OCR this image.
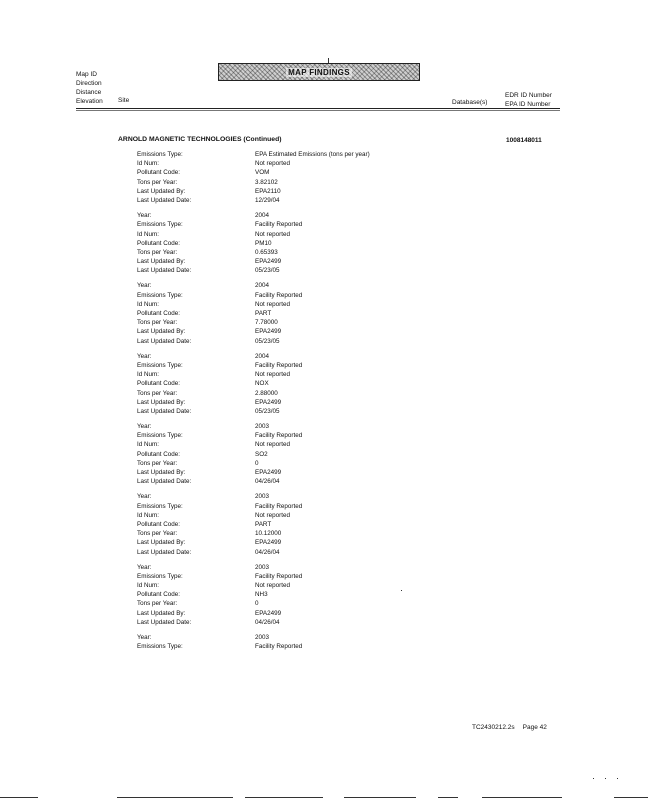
Map ID
Direction
Distance
Elevation Site
MAP FINDINGS
Database(s)
EDR ID Number
EPA ID Number
ARNOLD MAGNETIC TECHNOLOGIES (Continued)	1008148011
Emissions Type:	EPA Estimated Emissions (tons per year)
Id Num:	Not reported
Pollutant Code:	VOM
Tons per Year:	3.82102
Last Updated By:	EPA2110
Last Updated Date:	12/29/04
Year:	2004
Emissions Type:	Facility Reported
Id Num:	Not reported
Pollutant Code:	PM10
Tons per Year:	0.65393
Last Updated By:	EPA2499
Last Updated Date:	05/23/05
Year:	2004
Emissions Type:	Facility Reported
Id Num:	Not reported
Pollutant Code:	PART
Tons per Year:	7.78000
Last Updated By:	EPA2499
Last Updated Date:	05/23/05
Year:	2004
Emissions Type:	Facility Reported
Id Num:	Not reported
Pollutant Code:	NOX
Tons per Year:	2.88000
Last Updated By:	EPA2499
Last Updated Date:	05/23/05
Year:	2003
Emissions Type:	Facility Reported
Id Num:	Not reported
Pollutant Code:	SO2
Tons per Year:	0
Last Updated By:	EPA2499
Last Updated Date:	04/26/04
Year:	2003
Emissions Type:	Facility Reported
Id Num:	Not reported
Pollutant Code:	PART
Tons per Year:	10.12000
Last Updated By:	EPA2499
Last Updated Date:	04/26/04
Year:	2003
Emissions Type:	Facility Reported
Id Num:	Not reported
Pollutant Code:	NH3
Tons per Year:	0
Last Updated By:	EPA2499
Last Updated Date:	04/26/04
Year:	2003
Emissions Type:	Facility Reported
TC2430212.2s Page 42
